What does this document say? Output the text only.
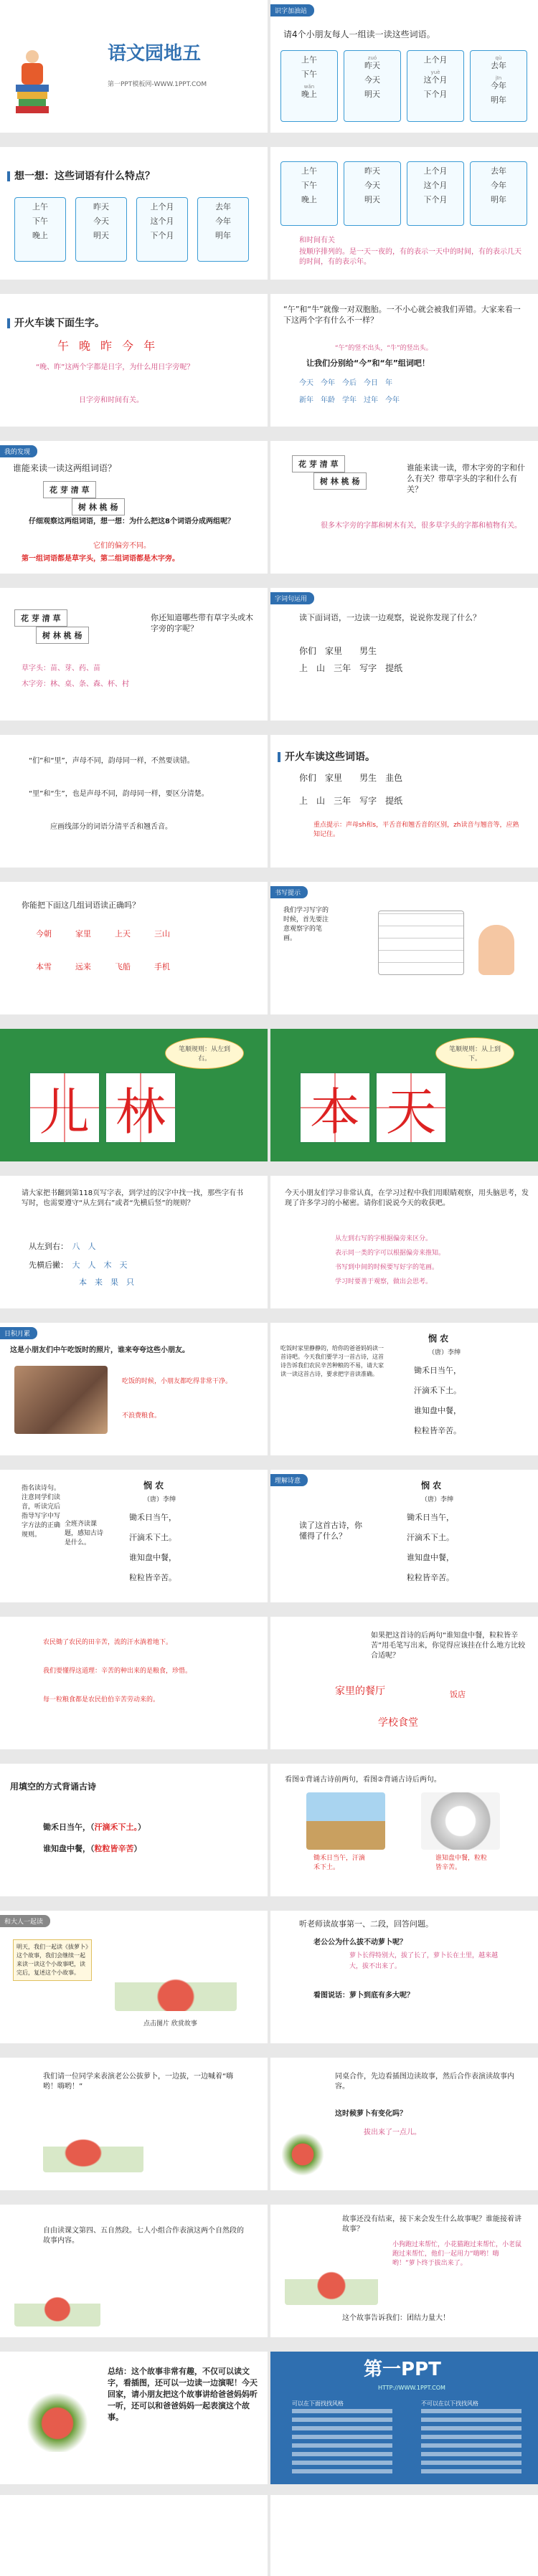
语文园地五
第一PPT模板网-WWW.1PPT.COM
识字加油站
请4个小朋友每人一组读一读这些词语。
上午
下午
wǎn
晚上
zuó
昨天
今天
明天
上个月
yuè
这个月
下个月
qù
去年
jīn
今年
明年
想一想：这些词语有什么特点？
上午
下午
晚上
昨天
今天
明天
上个月
这个月
下个月
去年
今年
明年
上午
下午
晚上
昨天
今天
明天
上个月
这个月
下个月
去年
今年
明年
和时间有关
按顺序排列的。是一天一夜的，有的表示一天中的时间，有的表示几天的时间，有的表示年。
开火车读下面生字。
午晚昨今年
“晚、昨”这两个字都是日字，为什么用日字旁呢？
日字旁和时间有关。
“午”和“牛”就像一对双胞胎。一不小心就会被我们弄错。大家来看一下这两个字有什么不一样？
“午”的竖不出头，“牛”的竖出头。
让我们分别给“今”和“年”组词吧！
今天　 今年　 今后　 今日　 年
新年　 年龄　 学年　 过年　 今年
我的发现
谁能来读一读这两组词语？
花 芽 清 草
树 林 桃 杨
仔细观察这两组词语，想一想：为什么把这8个词语分成两组呢？
它们的偏旁不同。
第一组词语都是草字头，第二组词语都是木字旁。
花 芽 清 草
树 林 桃 杨
谁能来读一读，带木字旁的字和什么有关？带草字头的字和什么有关？
很多木字旁的字都和树木有关，很多草字头的字都和植物有关。
花 芽 清 草
树 林 桃 杨
你还知道哪些带有草字头或木字旁的字呢？
草字头：苗、芽、药、苗
木字旁：林、桌、条、森、杯、村
字词句运用
读下面词语，一边读一边观察，说说你发现了什么？
你们　 家里　　 男生
上　 山　 三年　 写字　 提纸
“们”和“里”，声母不同，韵母同一样，不然要读错。
“里”和“生”，也是声母不同，韵母同一样，要区分清楚。
应画线部分的词语分清平舌和翘舌音。
开火车读这些词语。
你们　 家里　　 男生　 韭色
上　 山　 三年　 写字　 提纸
重点提示：声母sh和s，平舌音和翘舌音的区别，zh读音与翘音等，应熟知记住。
你能把下面这几组词语读正确吗？
今朝　　　	家里　　　	上天　　　	三山
本雪　　　	远来　　　	飞船　　　	手机
书写提示
我们学习写字的时候，首先要注意观察字的笔画。
笔顺规则：从左到右。
儿 林
笔顺规则：从上到下。
本 天
请大家把书翻到第118页写字表，到学过的汉字中找一找，那些字有书写时，也需要遵守“从左到右”或者“先横后竖”的规则？
从左到右：　 八　 人
先横后撇：　 大　 人　 木　 天
本　 来　 果　 只
今天小朋友们学习非常认真，在学习过程中我们用眼睛观察，用头脑思考，发现了许多学习的小秘密。请你们说说今天的收获吧。
从左到右写的字根据偏旁来区分。
表示同一类的字可以根据偏旁来推知。
书写到中间的时候要写好字的笔画。
学习时要善于观察，做出会思考。
日积月累
这是小朋友们中午吃饭时的照片，谁来夸夸这些小朋友。
吃饭的时候，小朋友都吃得非常干净。
不浪费粮食。
吃饭时家里静静的，给你的爸爸妈妈读一首诗吧。今天我们要学习一首古诗，这首诗告诉我们农民辛苦种粮的不易，请大家读一读这首古诗，要求把字音读准确。
悯 农
（唐）李绅
锄禾日当午，
汗滴禾下土。
谁知盘中餐，
粒粒皆辛苦。
指名读诗句。注意同学们读音，听读完后指导写字中写字方法的正确规则。
全班齐读课题，感知古诗是什么。
悯 农
（唐）李绅
锄禾日当午，
汗滴禾下土。
谁知盘中餐，
粒粒皆辛苦。
理解诗意
读了这首古诗，你懂得了什么？
悯 农
（唐）李绅
锄禾日当午，
汗滴禾下土。
谁知盘中餐，
粒粒皆辛苦。
农民锄了农民的田辛苦，流的汗水淌着地下。
我们要懂得这道理：辛苦的种出来的是粮食，珍惜。
每一粒粮食都是农民伯伯辛苦劳动来的。
如果把这首诗的后两句“谁知盘中餐，粒粒皆辛苦”用毛笔写出来，你觉得应该挂在什么地方比较合适呢？
家里的餐厅	饭店
学校食堂
用填空的方式背诵古诗
锄禾日当午，（汗滴禾下土。）
谁知盘中餐，（粒粒皆辛苦）
看图①背诵古诗前两句，看图②背诵古诗后两句。
锄禾日当午，汗滴禾下土。
谁知盘中餐，粒粒皆辛苦。
和大人一起读
明天，我们一起读《拔萝卜》这个故事，我们会继续一起来读一读这个小故事吧，读完后，复述这个小故事。
点击图片 欣赏故事
听老师读故事第一、二段，回答问题。
老公公为什么拔不动萝卜呢？
萝卜长得特别大，拔了长了，萝卜长在土里，越来越大，拔不出来了。
看图说话：萝卜到底有多大呢？
我们请一位同学来表演老公公拔萝卜，一边拔，一边喊着“嗨哟！嗨哟！”
同桌合作，先边看插图边读故事，然后合作表演读故事内容。
这时候萝卜有变化吗？
拔出来了一点儿。
自由读课文第四、五自然段。七人小组合作表演这两个自然段的故事内容。
故事还没有结束，接下来会发生什么故事呢？谁能接着讲故事？
小狗跑过来帮忙，小花猫跑过来帮忙，小老鼠跑过来帮忙，他们一起用力“嗨哟！嗨哟！”萝卜终于拔出来了。
这个故事告诉我们：团结力量大！
总结：这个故事非常有趣，不仅可以读文字，看插图，还可以一边读一边演呢！今天回家，请小朋友把这个故事讲给爸爸妈妈听一听，还可以和爸爸妈妈一起表演这个故事。
第一PPT
HTTP://WWW.1PPT.COM
可以在下面找找风格	不可以在以下找找风格
